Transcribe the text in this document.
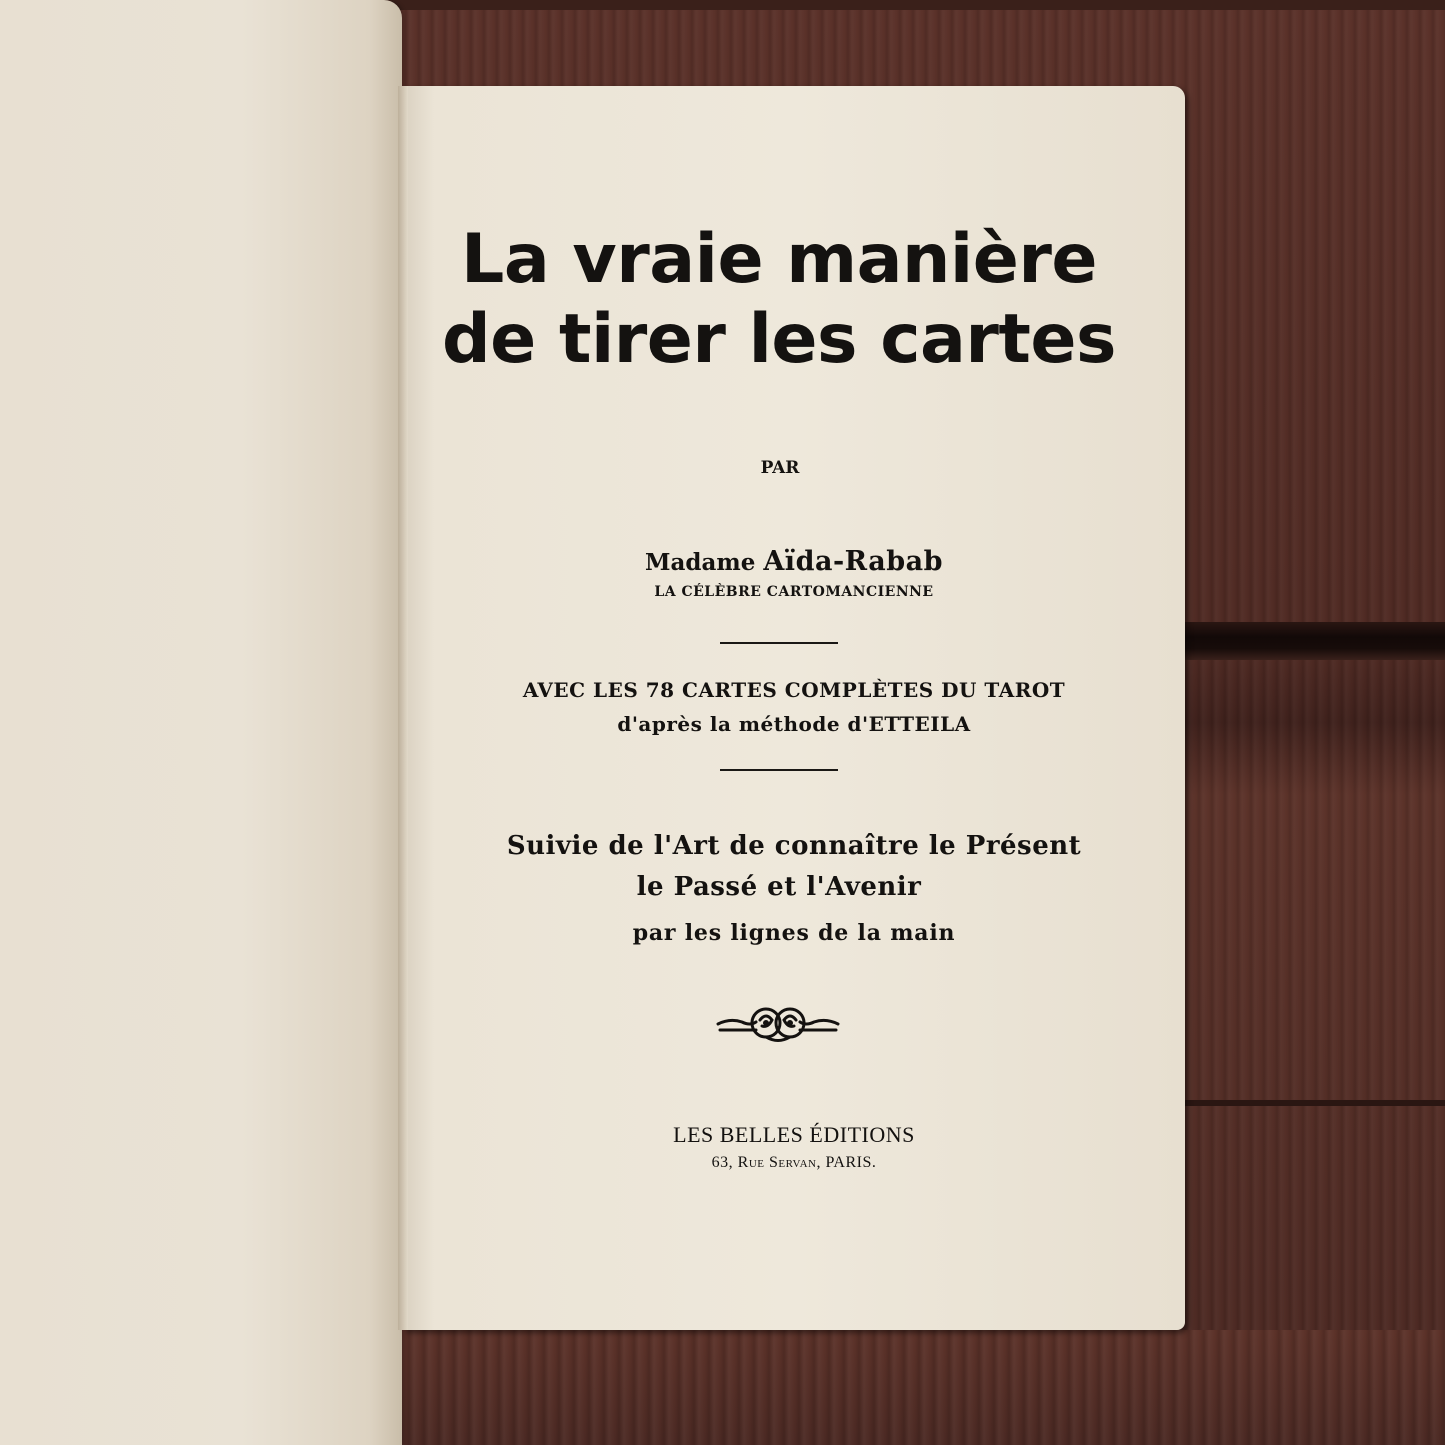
La vraie manière
de tirer les cartes
PAR
Madame Aïda-Rabab
LA CÉLÈBRE CARTOMANCIENNE
AVEC LES 78 CARTES COMPLÈTES DU TAROT
d'après la méthode d'ETTEILA
Suivie de l'Art de connaître le Présent
le Passé et l'Avenir
par les lignes de la main
LES BELLES ÉDITIONS
63, Rue Servan, PARIS.
